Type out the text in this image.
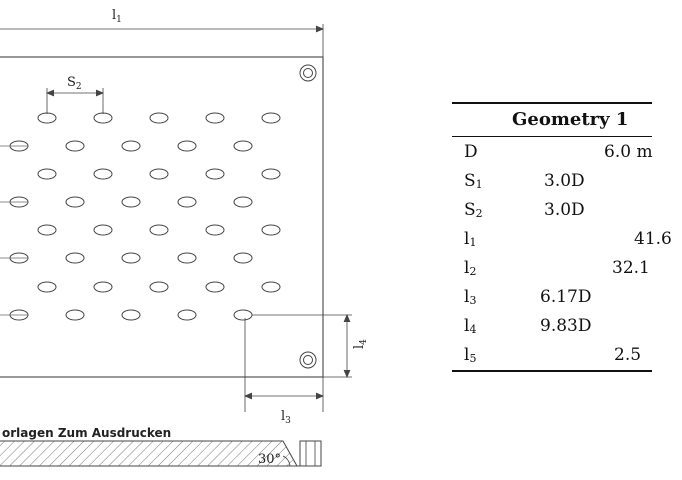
$l_1$
$S_2$
$l_4$
$l_3$
30°
Geometry 1
D	6.0 m
$S_1$	3.0D
$S_2$	3.0D
$l_1$	41.6
$l_2$	32.1
$l_3$	6.17D
$l_4$	9.83D
$l_5$	2.5
orlagen Zum Ausdrucken
